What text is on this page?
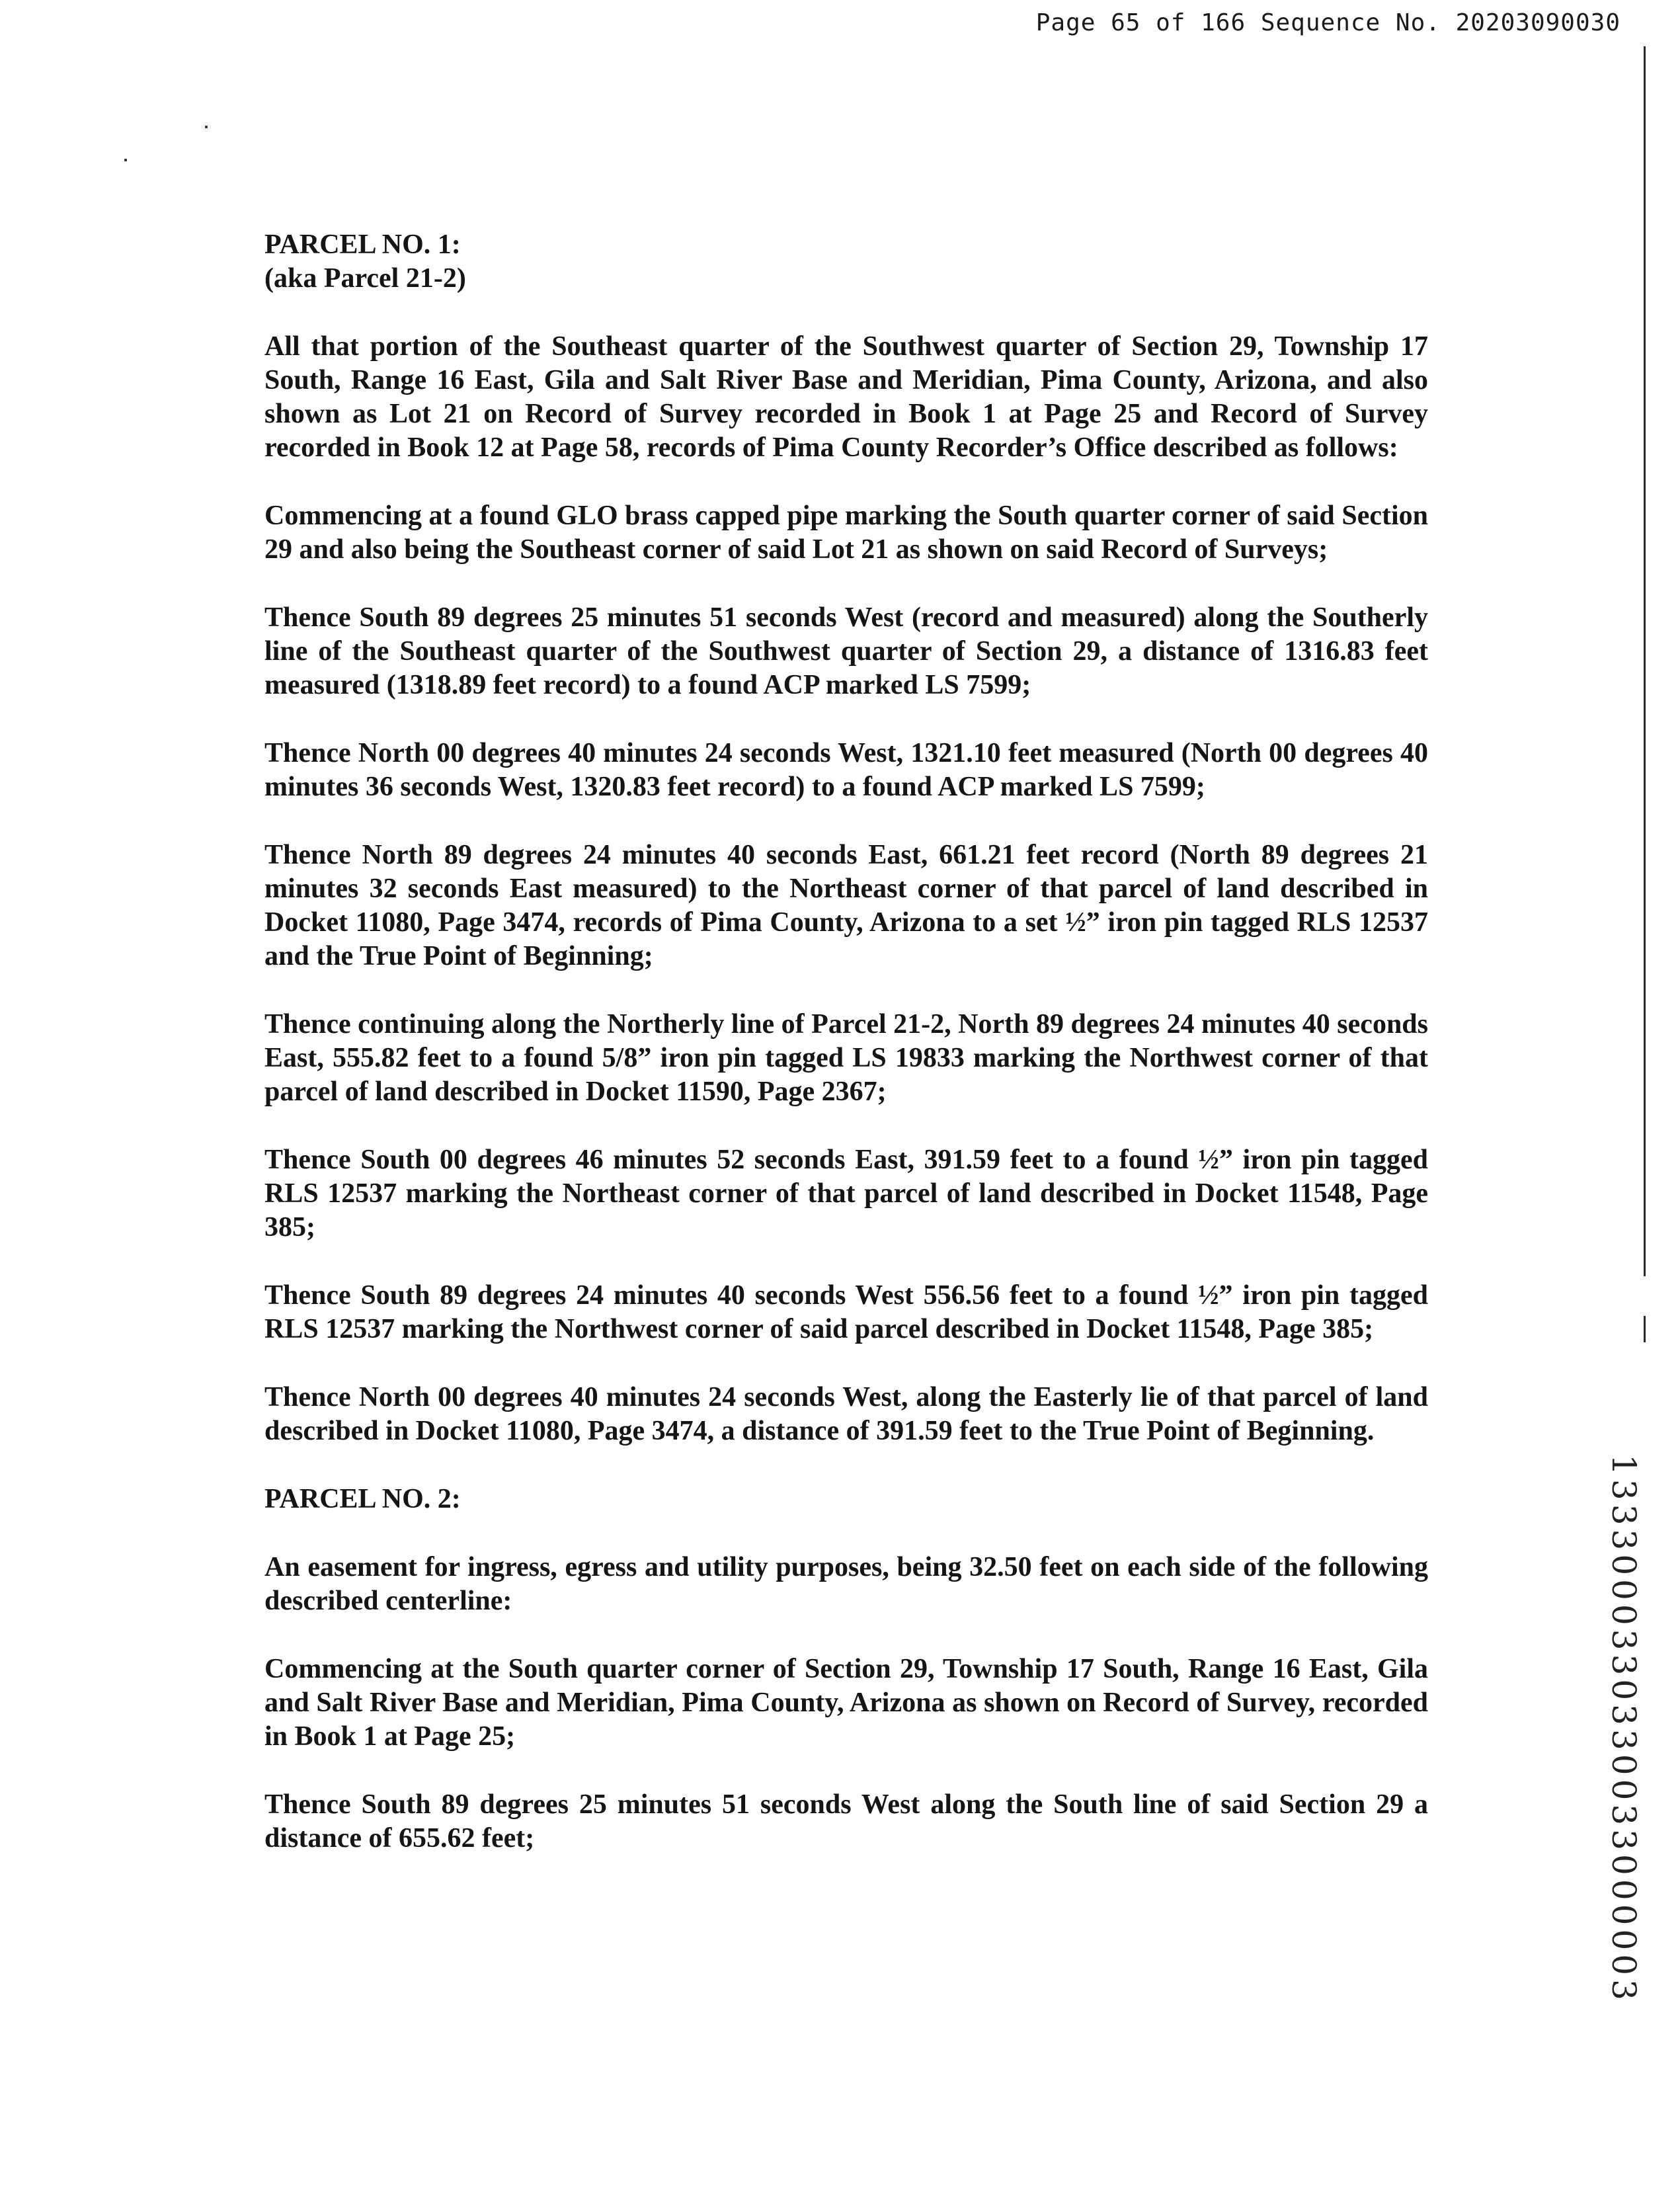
Page 65 of 166 Sequence No. 20203090030
1333000330330033000003

PARCEL NO. 1:

(aka Parcel 21-2)

All that portion of the Southeast quarter of the Southwest quarter of Section 29, Township 17 South, Range 16 East, Gila and Salt River Base and Meridian, Pima County, Arizona, and also shown as Lot 21 on Record of Survey recorded in Book 1 at Page 25 and Record of Survey recorded in Book 12 at Page 58, records of Pima County Recorder’s Office described as follows:

Commencing at a found GLO brass capped pipe marking the South quarter corner of said Section 29 and also being the Southeast corner of said Lot 21 as shown on said Record of Surveys;

Thence South 89 degrees 25 minutes 51 seconds West (record and measured) along the Southerly line of the Southeast quarter of the Southwest quarter of Section 29, a distance of 1316.83 feet measured (1318.89 feet record) to a found ACP marked LS 7599;

Thence North 00 degrees 40 minutes 24 seconds West, 1321.10 feet measured (North 00 degrees 40 minutes 36 seconds West, 1320.83 feet record) to a found ACP marked LS 7599;

Thence North 89 degrees 24 minutes 40 seconds East, 661.21 feet record (North 89 degrees 21 minutes 32 seconds East measured) to the Northeast corner of that parcel of land described in Docket 11080, Page 3474, records of Pima County, Arizona to a set ½” iron pin tagged RLS 12537 and the True Point of Beginning;

Thence continuing along the Northerly line of Parcel 21-2, North 89 degrees 24 minutes 40 seconds East, 555.82 feet to a found 5/8” iron pin tagged LS 19833 marking the Northwest corner of that parcel of land described in Docket 11590, Page 2367;

Thence South 00 degrees 46 minutes 52 seconds East, 391.59 feet to a found ½” iron pin tagged RLS 12537 marking the Northeast corner of that parcel of land described in Docket 11548, Page 385;

Thence South 89 degrees 24 minutes 40 seconds West 556.56 feet to a found ½” iron pin tagged RLS 12537 marking the Northwest corner of said parcel described in Docket 11548, Page 385;

Thence North 00 degrees 40 minutes 24 seconds West, along the Easterly lie of that parcel of land described in Docket 11080, Page 3474, a distance of 391.59 feet to the True Point of Beginning.

PARCEL NO. 2:

An easement for ingress, egress and utility purposes, being 32.50 feet on each side of the following described centerline:

Commencing at the South quarter corner of Section 29, Township 17 South, Range 16 East, Gila and Salt River Base and Meridian, Pima County, Arizona as shown on Record of Survey, recorded in Book 1 at Page 25;

Thence South 89 degrees 25 minutes 51 seconds West along the South line of said Section 29 a distance of 655.62 feet;
